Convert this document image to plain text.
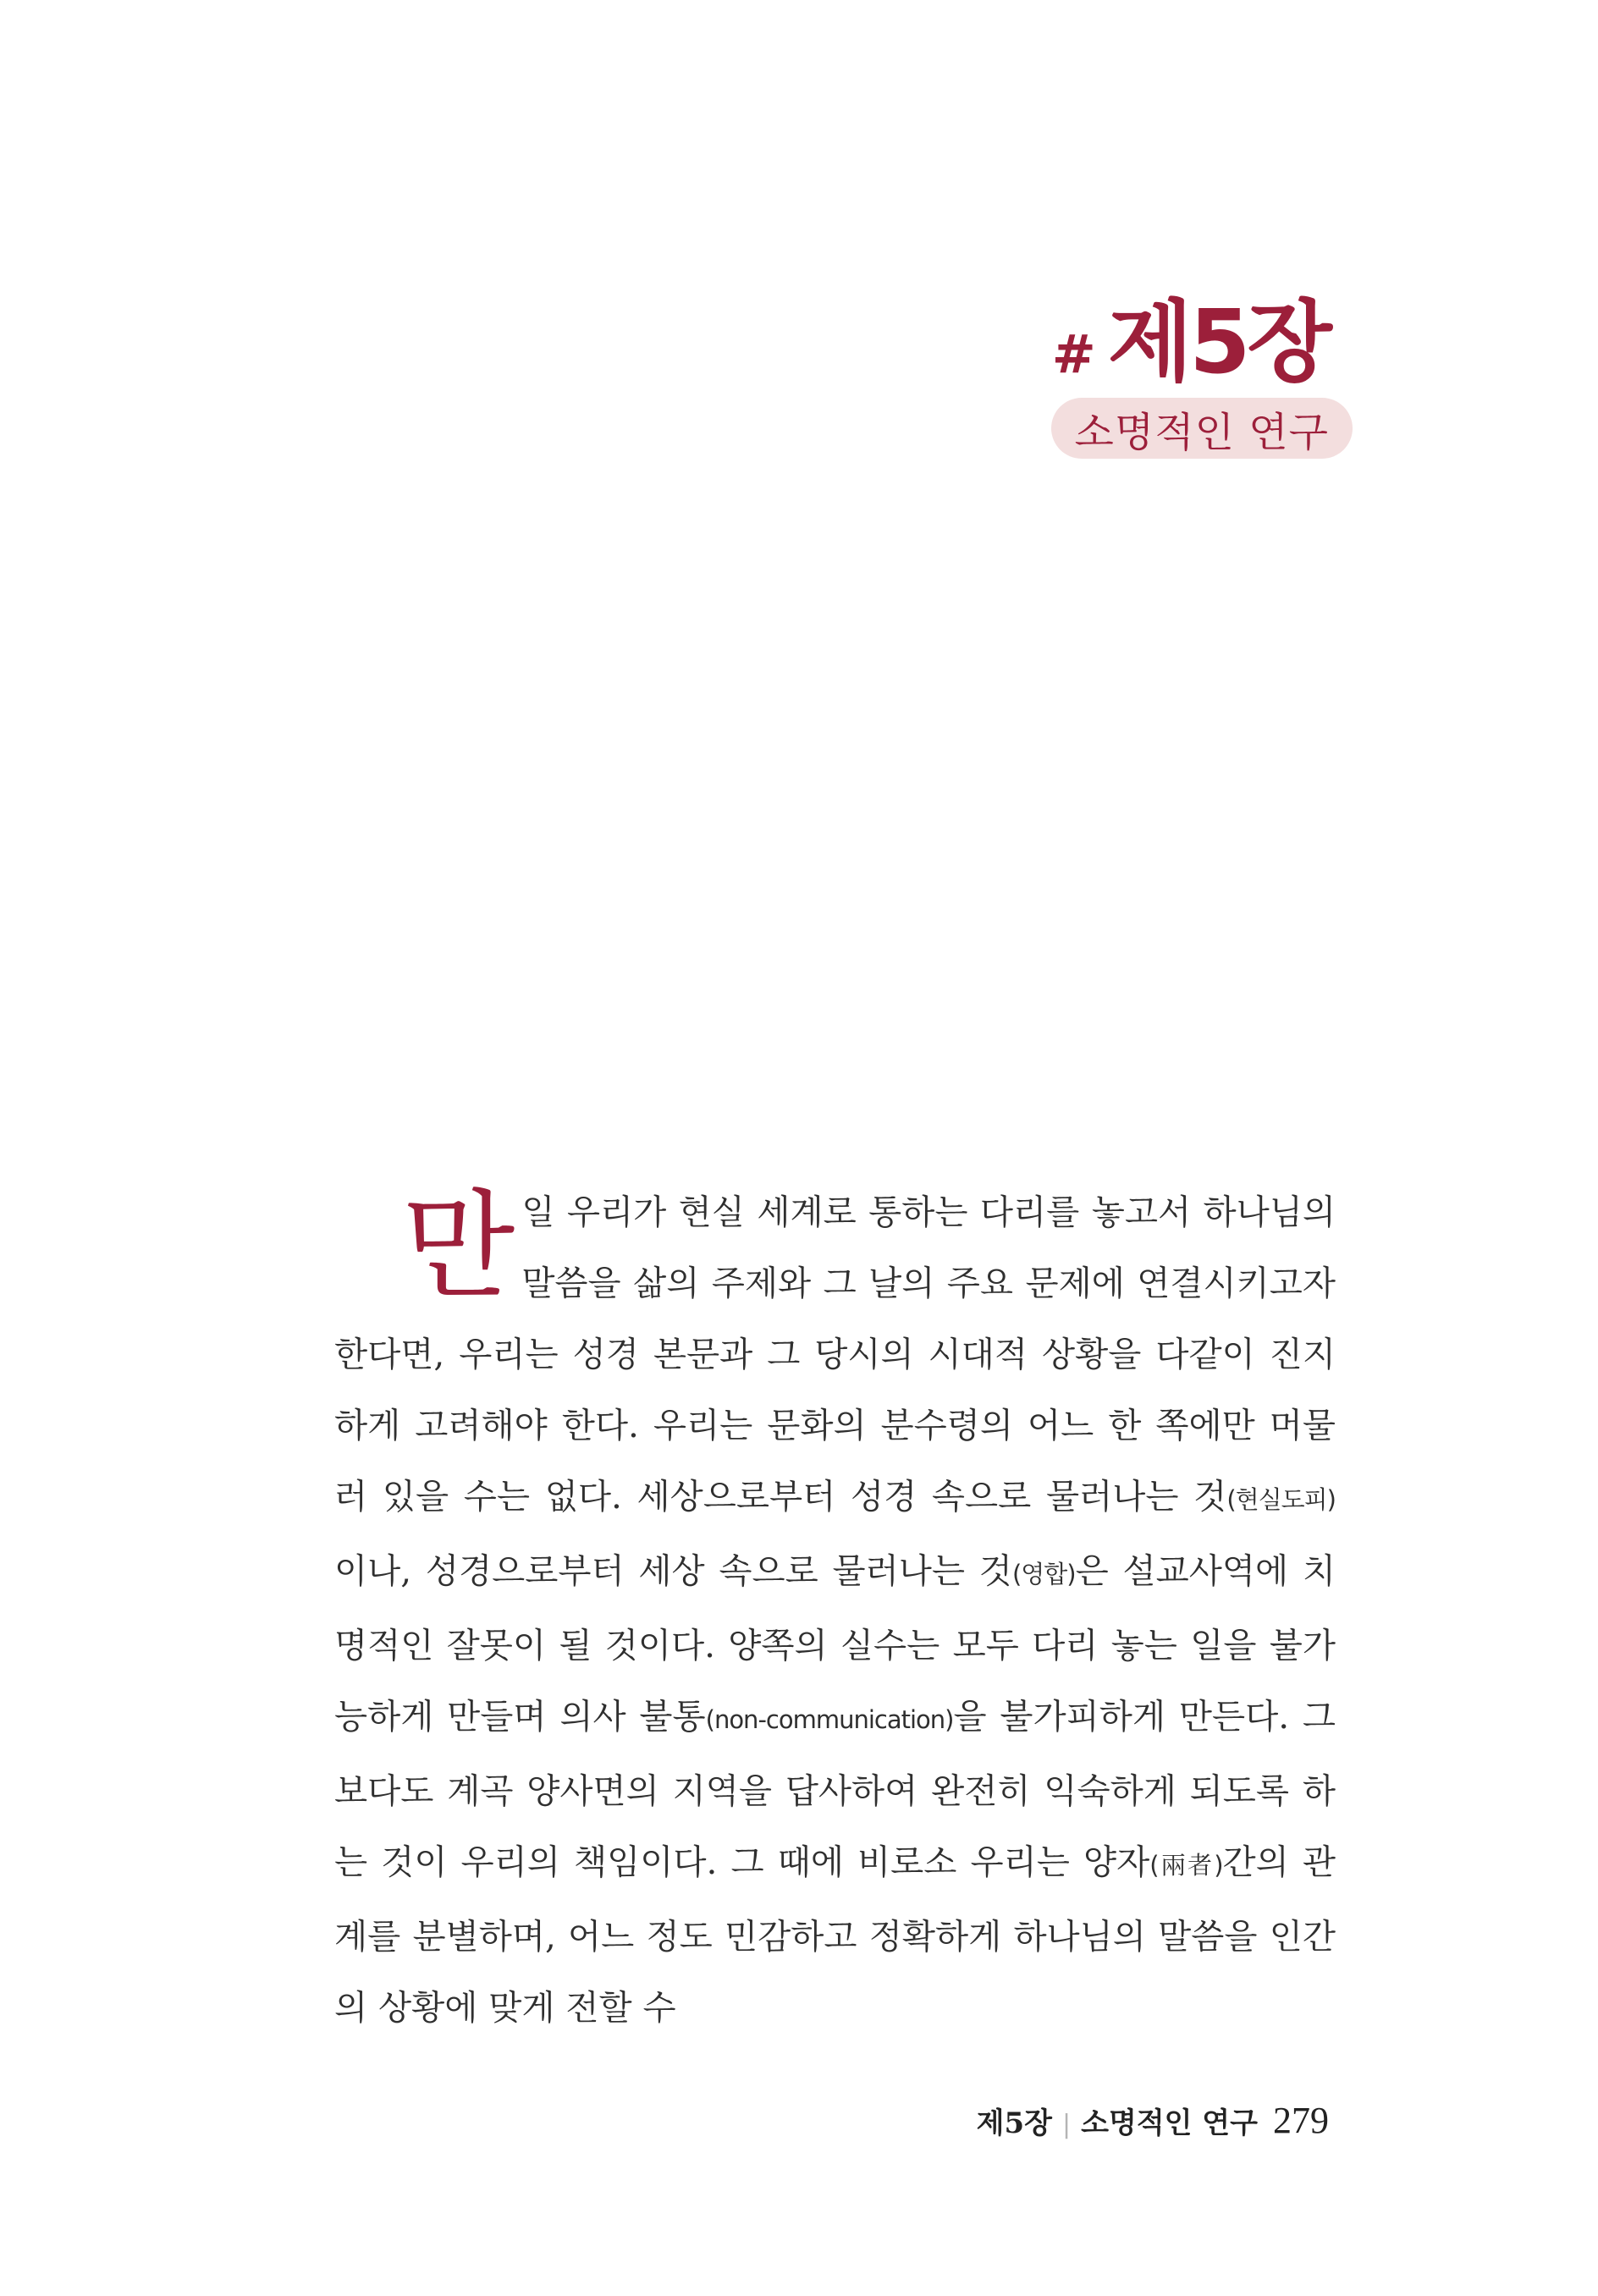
# 제5장
소명적인 연구
만일 우리가 현실 세계로 통하는 다리를 놓고서 하나님의 말씀을 삶의 주제와 그 날의 주요 문제에 연결시키고자 한다면, 우리는 성경 본문과 그 당시의 시대적 상황을 다같이 진지하게 고려해야 한다. 우리는 문화의 분수령의 어느 한 쪽에만 머물러 있을 수는 없다. 세상으로부터 성경 속으로 물러나는 것(현실도피)이나, 성경으로부터 세상 속으로 물러나는 것(영합)은 설교사역에 치명적인 잘못이 될 것이다. 양쪽의 실수는 모두 다리 놓는 일을 불가능하게 만들며 의사 불통(non-communication)을 불가피하게 만든다. 그보다도 계곡 양사면의 지역을 답사하여 완전히 익숙하게 되도록 하는 것이 우리의 책임이다. 그 때에 비로소 우리는 양자(兩者)간의 관계를 분별하며, 어느 정도 민감하고 정확하게 하나님의 말씀을 인간의 상황에 맞게 전할 수
제5장 | 소명적인 연구 279
